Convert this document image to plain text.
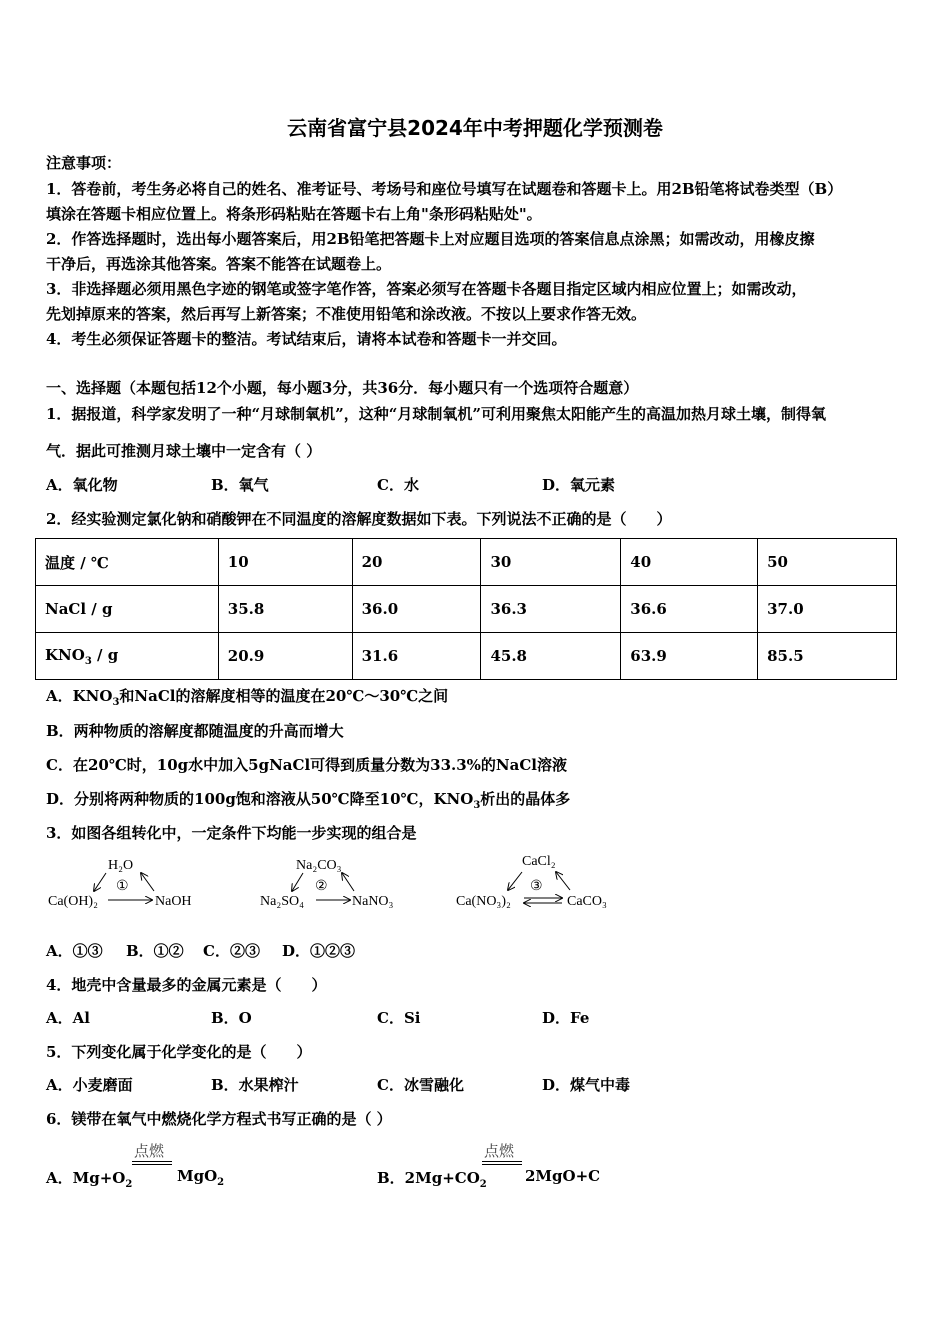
云南省富宁县2024年中考押题化学预测卷
注意事项：
1．答卷前，考生务必将自己的姓名、准考证号、考场号和座位号填写在试题卷和答题卡上。用2B铅笔将试卷类型（B）
填涂在答题卡相应位置上。将条形码粘贴在答题卡右上角"条形码粘贴处"。
2．作答选择题时，选出每小题答案后，用2B铅笔把答题卡上对应题目选项的答案信息点涂黑；如需改动，用橡皮擦
干净后，再选涂其他答案。答案不能答在试题卷上。
3．非选择题必须用黑色字迹的钢笔或签字笔作答，答案必须写在答题卡各题目指定区域内相应位置上；如需改动，
先划掉原来的答案，然后再写上新答案；不准使用铅笔和涂改液。不按以上要求作答无效。
4．考生必须保证答题卡的整洁。考试结束后，请将本试卷和答题卡一并交回。
一、选择题（本题包括12个小题，每小题3分，共36分．每小题只有一个选项符合题意）
1．据报道，科学家发明了一种“月球制氧机”，这种“月球制氧机”可利用聚焦太阳能产生的高温加热月球土壤，制得氧
气．据此可推测月球土壤中一定含有（ ）
A．氧化物	B．氧气	C．水	D．氧元素
2．经实验测定氯化钠和硝酸钾在不同温度的溶解度数据如下表。下列说法不正确的是（　　）
温度 / ℃	10	20	30	40	50
NaCl / g	35.8	36.0	36.3	36.6	37.0
$KNO_3$ / g	20.9	31.6	45.8	63.9	85.5
A．$KNO_3$和NaCl的溶解度相等的温度在20℃～30℃之间
B．两种物质的溶解度都随温度的升高而增大
C．在20℃时，10g水中加入5gNaCl可得到质量分数为33.3%的NaCl溶液
D．分别将两种物质的100g饱和溶液从50℃降至10℃，$KNO_3$析出的晶体多
3．如图各组转化中，一定条件下均能一步实现的组合是
H₂O
①
Ca(OH)₂	NaOH
Na₂CO₃
②
Na₂SO₄	NaNO₃
CaCl₂
③
Ca(NO₃)₂	CaCO₃
A．①③ B．①② C．②③ D．①②③
4．地壳中含量最多的金属元素是（　　）
A．Al	B．O	C．Si	D．Fe
5．下列变化属于化学变化的是（　　）
A．小麦磨面	B．水果榨汁	C．冰雪融化	D．煤气中毒
6．镁带在氧气中燃烧化学方程式书写正确的是（ ）
A．$Mg+O_2$
点燃
MgO$_2$	B．$2Mg+CO_2$
点燃
2MgO+C
